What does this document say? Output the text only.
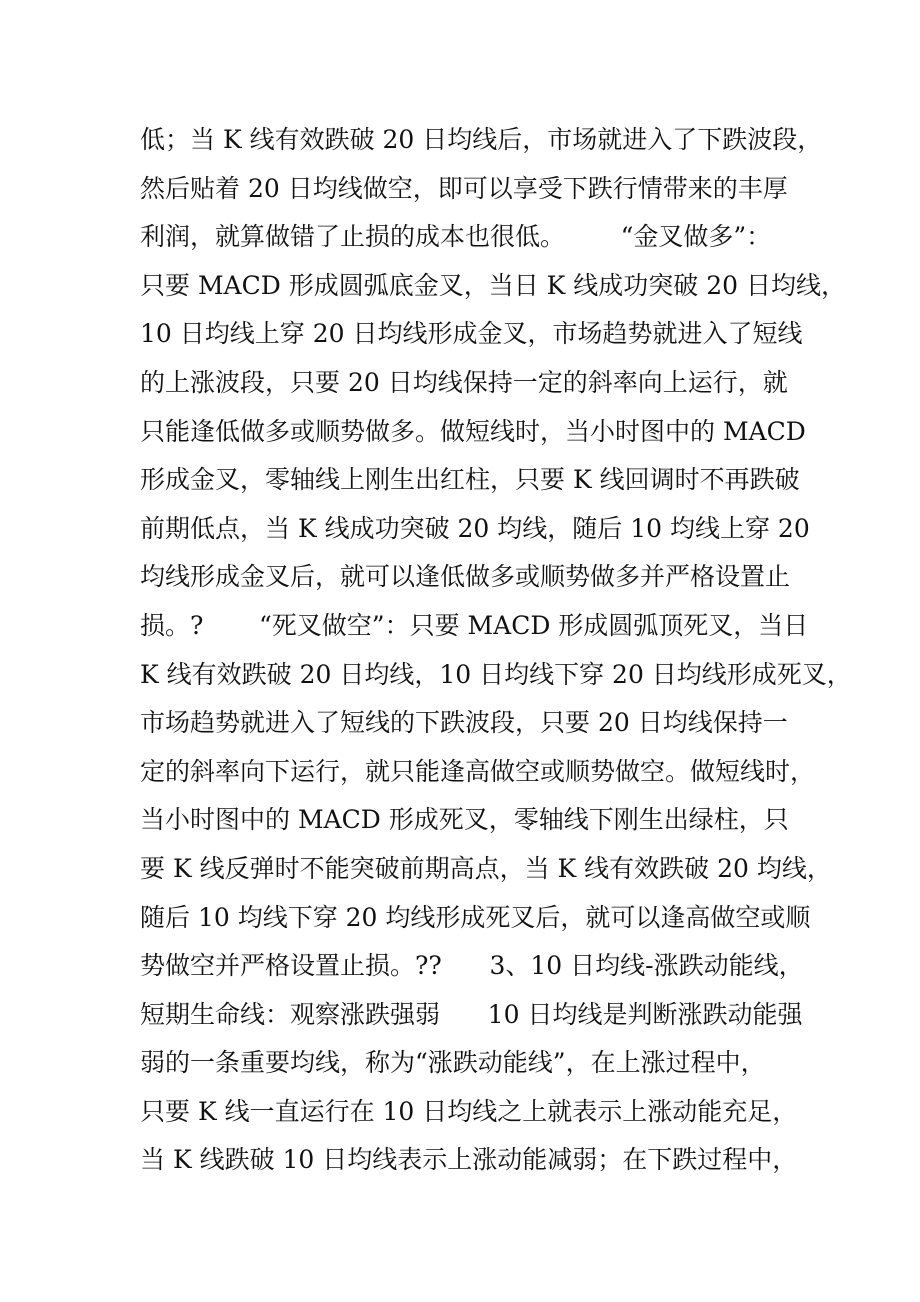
低；当 K 线有效跌破 20 日均线后，市场就进入了下跌波段，
然后贴着 20 日均线做空，即可以享受下跌行情带来的丰厚
利润，就算做错了止损的成本也很低。       “金叉做多”：
只要 MACD 形成圆弧底金叉，当日 K 线成功突破 20 日均线，
10 日均线上穿 20 日均线形成金叉，市场趋势就进入了短线
的上涨波段，只要 20 日均线保持一定的斜率向上运行，就
只能逢低做多或顺势做多。做短线时，当小时图中的 MACD
形成金叉，零轴线上刚生出红柱，只要 K 线回调时不再跌破
前期低点，当 K 线成功突破 20 均线，随后 10 均线上穿 20
均线形成金叉后，就可以逢低做多或顺势做多并严格设置止
损。?       “死叉做空”：只要 MACD 形成圆弧顶死叉，当日
K 线有效跌破 20 日均线，10 日均线下穿 20 日均线形成死叉，
市场趋势就进入了短线的下跌波段，只要 20 日均线保持一
定的斜率向下运行，就只能逢高做空或顺势做空。做短线时，
当小时图中的 MACD 形成死叉，零轴线下刚生出绿柱，只
要 K 线反弹时不能突破前期高点，当 K 线有效跌破 20 均线，
随后 10 均线下穿 20 均线形成死叉后，就可以逢高做空或顺
势做空并严格设置止损。??      3、10 日均线-涨跌动能线，
短期生命线：观察涨跌强弱      10 日均线是判断涨跌动能强
弱的一条重要均线，称为“涨跌动能线”，在上涨过程中，
只要 K 线一直运行在 10 日均线之上就表示上涨动能充足，
当 K 线跌破 10 日均线表示上涨动能减弱；在下跌过程中，
